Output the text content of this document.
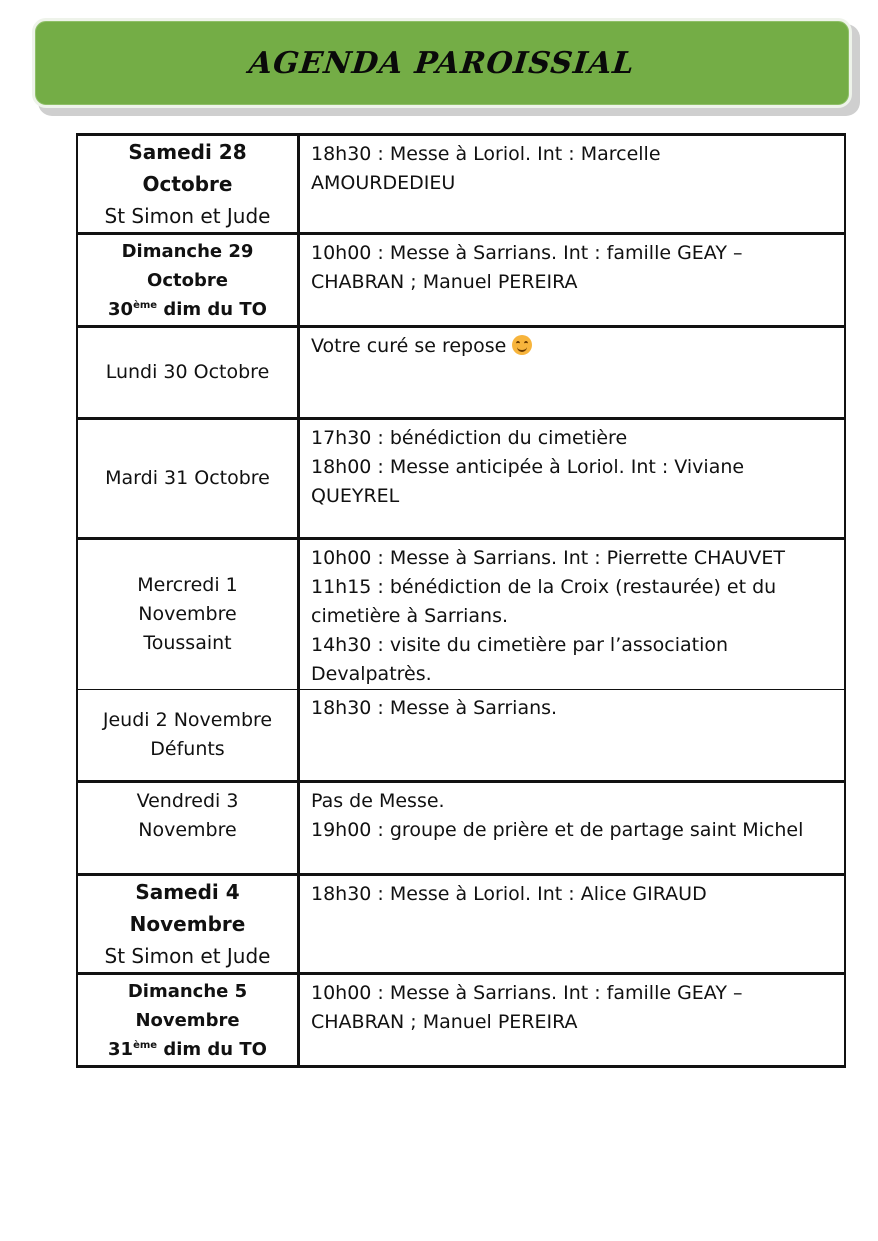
AGENDA PAROISSIAL
Samedi 28
Octobre
St Simon et Jude	18h30 : Messe à Loriol. Int : Marcelle
AMOURDEDIEU

Dimanche 29
Octobre
30ème dim du TO	10h00 : Messe à Sarrians. Int : famille GEAY –
CHABRAN ; Manuel PEREIRA

Lundi 30 Octobre	Votre curé se repose

Mardi 31 Octobre	17h30 : bénédiction du cimetière
18h00 : Messe anticipée à Loriol. Int : Viviane
QUEYREL

Mercredi 1
Novembre
Toussaint	10h00 : Messe à Sarrians. Int : Pierrette CHAUVET
11h15 : bénédiction de la Croix (restaurée) et du
cimetière à Sarrians.
14h30 : visite du cimetière par l’association
Devalpatrès.

Jeudi 2 Novembre
Défunts	18h30 : Messe à Sarrians.

Vendredi 3
Novembre	Pas de Messe.
19h00 : groupe de prière et de partage saint Michel

Samedi 4
Novembre
St Simon et Jude	18h30 : Messe à Loriol. Int : Alice GIRAUD

Dimanche 5
Novembre
31ème dim du TO	10h00 : Messe à Sarrians. Int : famille GEAY –
CHABRAN ; Manuel PEREIRA
